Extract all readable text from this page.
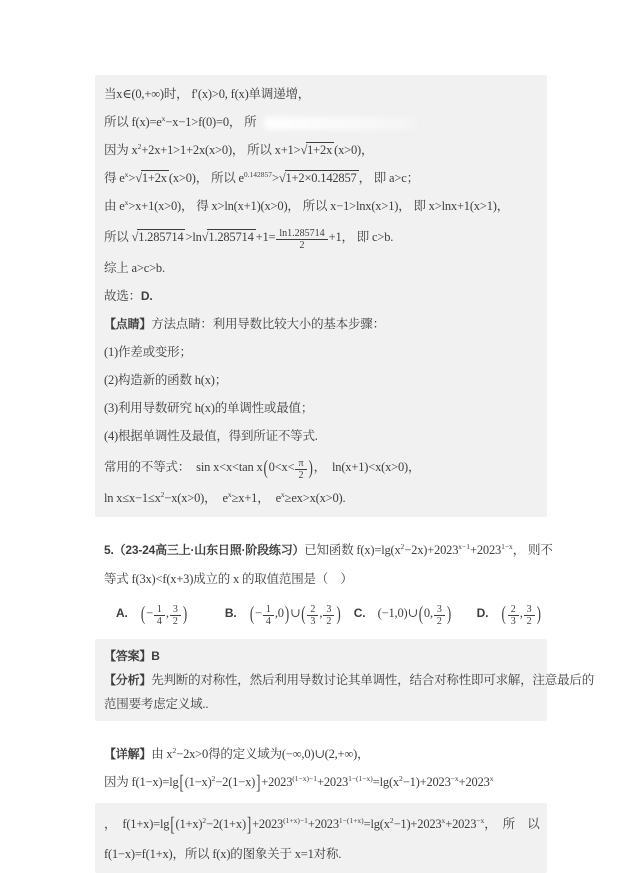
当x∈(0,+∞)时， f′(x)>0, f(x)单调递增，
所以 $f(x)=e^x-x-1>f(0)=0$， 所
因为 $x^2+2x+1>1+2x(x>0)$， 所以 x+1>√1+2x (x>0)，
得 $e^x>√1+2x$ (x>0)， 所以 $e^{0.142857}>√1+2\times 0.142857$ ， 即 a>c；
由 $e^x>x+1(x>0)$， 得 x>ln(x+1)(x>0)， 所以 x−1>lnx(x>1)， 即 x>lnx+1(x>1)，
所以 $√1.285714 >\ln√1.285714 +1= \frac{\ln 1.285714}{2} +1$， 即 c>b.
综上 a>c>b.
故选：D.
【点睛】方法点睛：利用导数比较大小的基本步骤：
(1)作差或变形；
(2)构造新的函数 h(x)；
(3)利用导数研究 h(x)的单调性或最值；
(4)根据单调性及最值，得到所证不等式.
常用的不等式：　sin x<x<tan $x(0<x< \frac{\pi}{2}$ )，　ln(x+1)<x(x>0)，
$\ln x\le x-1\le x^2-x(x>0)$，　$e^x\ge x+1$，　$e^x\ge ex>x(x>0)$.
5.（23-24高三上·山东日照·阶段练习）已知函数 $f(x)=\lg(x^2-2x)+2023^{x-1}+2023^{1-x}$， 则不
等式 f(3x)<f(x+3)成立的 x 的取值范围是（　）
A.　 (− $\frac{1}{4}$ , $\frac{3}{2}$ )　　　	B.　 (− $\frac{1}{4}$ ,0)∪( $\frac{2}{3}$ , $\frac{3}{2}$ )　 C.　(−1,0)∪(0, $\frac{3}{2}$ )　　 D.　 ( $\frac{2}{3}$ , $\frac{3}{2}$ )
【答案】B
【分析】先判断的对称性，然后利用导数讨论其单调性，结合对称性即可求解，注意最后的
范围要考虑定义域..
【详解】由 $x^2-2x>0$得的定义域为(−∞,0)∪(2,+∞)，
因为 $f(1-x)=\lg[(1-x)^2-2(1-x)]+2023^{(1-x)-1}+2023^{1-(1-x)}=\lg(x^2-1)+2023^{-x}+2023^x$
，　$f(1+x)=\lg[(1+x)^2-2(1+x)]+2023^{(1+x)-1}+2023^{1-(1+x)}=\lg(x^2-1)+2023^x+2023^{-x}$，　所　以
f(1−x)=f(1+x)，所以 f(x)的图象关于 x=1对称.
